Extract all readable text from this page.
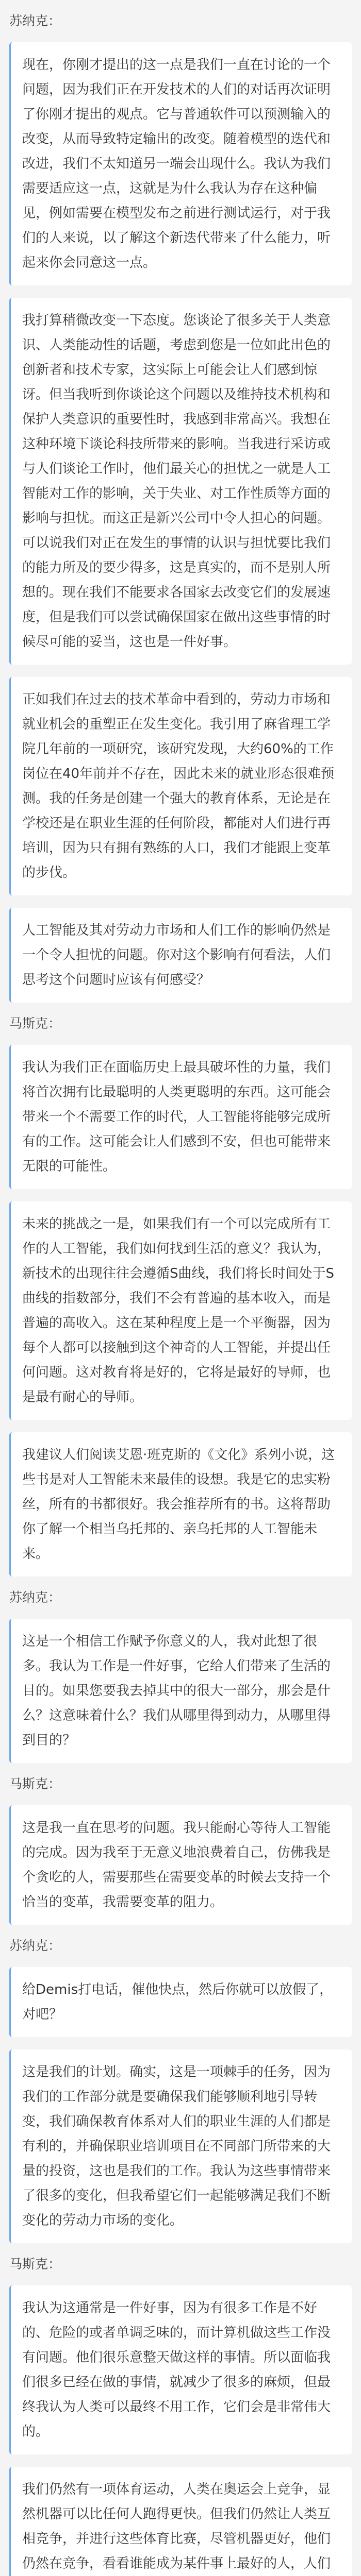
苏纳克：
现在，你刚才提出的这一点是我们一直在讨论的一个问题，因为我们正在开发技术的人们的对话再次证明了你刚才提出的观点。它与普通软件可以预测输入的改变，从而导致特定输出的改变。随着模型的迭代和改进，我们不太知道另一端会出现什么。我认为我们需要适应这一点，这就是为什么我认为存在这种偏见，例如需要在模型发布之前进行测试运行，对于我们的人来说，以了解这个新迭代带来了什么能力，听起来你会同意这一点。
我打算稍微改变一下态度。您谈论了很多关于人类意识、人类能动性的话题，考虑到您是一位如此出色的创新者和技术专家，这实际上可能会让人们感到惊讶。但当我听到你谈论这个问题以及维持技术机构和保护人类意识的重要性时，我感到非常高兴。我想在这种环境下谈论科技所带来的影响。当我进行采访或与人们谈论工作时，他们最关心的担忧之一就是人工智能对工作的影响，关于失业、对工作性质等方面的影响与担忧。而这正是新兴公司中令人担心的问题。可以说我们对正在发生的事情的认识与担忧要比我们的能力所及的要少得多，这是真实的，而不是别人所想的。现在我们不能要求各国家去改变它们的发展速度，但是我们可以尝试确保国家在做出这些事情的时候尽可能的妥当，这也是一件好事。
正如我们在过去的技术革命中看到的，劳动力市场和就业机会的重塑正在发生变化。我引用了麻省理工学院几年前的一项研究，该研究发现，大约60%的工作岗位在40年前并不存在，因此未来的就业形态很难预测。我的任务是创建一个强大的教育体系，无论是在学校还是在职业生涯的任何阶段，都能对人们进行再培训，因为只有拥有熟练的人口，我们才能跟上变革的步伐。
人工智能及其对劳动力市场和人们工作的影响仍然是一个令人担忧的问题。你对这个影响有何看法，人们思考这个问题时应该有何感受？
马斯克：
我认为我们正在面临历史上最具破坏性的力量，我们将首次拥有比最聪明的人类更聪明的东西。这可能会带来一个不需要工作的时代，人工智能将能够完成所有的工作。这可能会让人们感到不安，但也可能带来无限的可能性。
未来的挑战之一是，如果我们有一个可以完成所有工作的人工智能，我们如何找到生活的意义？我认为，新技术的出现往往会遵循S曲线，我们将长时间处于S曲线的指数部分，我们不会有普遍的基本收入，而是普遍的高收入。这在某种程度上是一个平衡器，因为每个人都可以接触到这个神奇的人工智能，并提出任何问题。这对教育将是好的，它将是最好的导师，也是最有耐心的导师。
我建议人们阅读艾恩·班克斯的《文化》系列小说，这些书是对人工智能未来最佳的设想。我是它的忠实粉丝，所有的书都很好。我会推荐所有的书。这将帮助你了解一个相当乌托邦的、亲乌托邦的人工智能未来。
苏纳克：
这是一个相信工作赋予你意义的人，我对此想了很多。我认为工作是一件好事，它给人们带来了生活的目的。如果您要我去掉其中的很大一部分，那会是什么？这意味着什么？我们从哪里得到动力，从哪里得到目的？
马斯克：
这是我一直在思考的问题。我只能耐心等待人工智能的完成。因为我至于无意义地浪费着自己，仿佛我是个贪吃的人，需要那些在需要变革的时候去支持一个恰当的变革，我需要变革的阻力。
苏纳克：
给Demis打电话，催他快点，然后你就可以放假了，对吧？
这是我们的计划。确实，这是一项棘手的任务，因为我们的工作部分就是要确保我们能够顺利地引导转变，我们确保教育体系对人们的职业生涯的人们都是有利的，并确保职业培训项目在不同部门所带来的大量的投资，这也是我们的工作。我认为这些事情带来了很多的变化，但我希望它们一起能够满足我们不断变化的劳动力市场的变化。
马斯克：
我认为这通常是一件好事，因为有很多工作是不好的、危险的或者单调乏味的，而计算机做这些工作没有问题。他们很乐意整天做这样的事情。所以面临我们很多已经在做的事情，就减少了很多的麻烦，但最终我认为人类可以最终不用工作，它们会是非常伟大的。
我们仍然有一项体育运动，人类在奥运会上竞争，显然机器可以比任何人跑得更快。但我们仍然让人类互相竞争，并进行这些体育比赛，尽管机器更好，他们仍然在竞争，看看谁能成为某件事上最好的人，人们
